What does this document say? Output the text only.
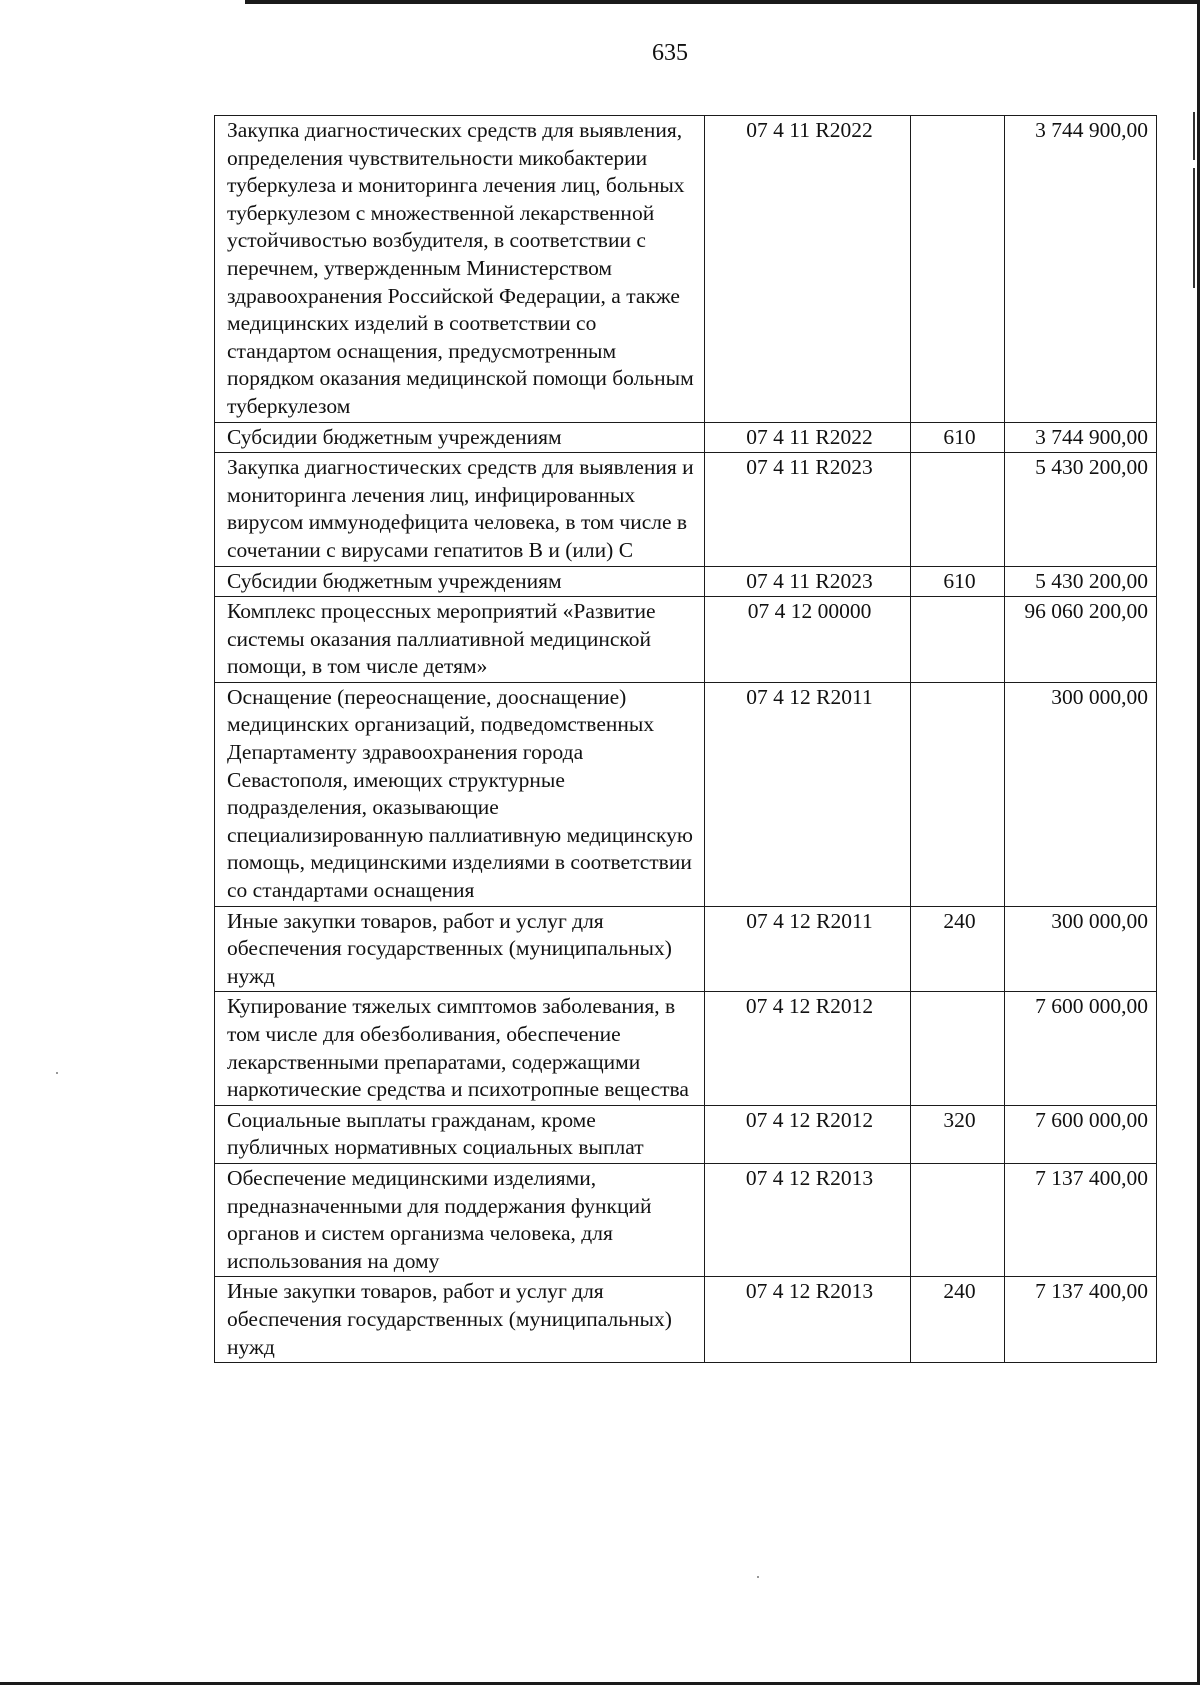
635
Закупка диагностических средств для выявления, определения чувствительности микобактерии туберкулеза и мониторинга лечения лиц, больных туберкулезом с множественной лекарственной устойчивостью возбудителя, в соответствии с перечнем, утвержденным Министерством здравоохранения Российской Федерации, а также медицинских изделий в соответствии со стандартом оснащения, предусмотренным порядком оказания медицинской помощи больным туберкулезом	07 4 11 R2022		3 744 900,00
Субсидии бюджетным учреждениям	07 4 11 R2022	610	3 744 900,00
Закупка диагностических средств для выявления и мониторинга лечения лиц, инфицированных вирусом иммунодефицита человека, в том числе в сочетании с вирусами гепатитов B и (или) C	07 4 11 R2023		5 430 200,00
Субсидии бюджетным учреждениям	07 4 11 R2023	610	5 430 200,00
Комплекс процессных мероприятий «Развитие системы оказания паллиативной медицинской помощи, в том числе детям»	07 4 12 00000		96 060 200,00
Оснащение (переоснащение, дооснащение) медицинских организаций, подведомственных Департаменту здравоохранения города Севастополя, имеющих структурные подразделения, оказывающие специализированную паллиативную медицинскую помощь, медицинскими изделиями в соответствии со стандартами оснащения	07 4 12 R2011		300 000,00
Иные закупки товаров, работ и услуг для обеспечения государственных (муниципальных) нужд	07 4 12 R2011	240	300 000,00
Купирование тяжелых симптомов заболевания, в том числе для обезболивания, обеспечение лекарственными препаратами, содержащими наркотические средства и психотропные вещества	07 4 12 R2012		7 600 000,00
Социальные выплаты гражданам, кроме публичных нормативных социальных выплат	07 4 12 R2012	320	7 600 000,00
Обеспечение медицинскими изделиями, предназначенными для поддержания функций органов и систем организма человека, для использования на дому	07 4 12 R2013		7 137 400,00
Иные закупки товаров, работ и услуг для обеспечения государственных (муниципальных) нужд	07 4 12 R2013	240	7 137 400,00
